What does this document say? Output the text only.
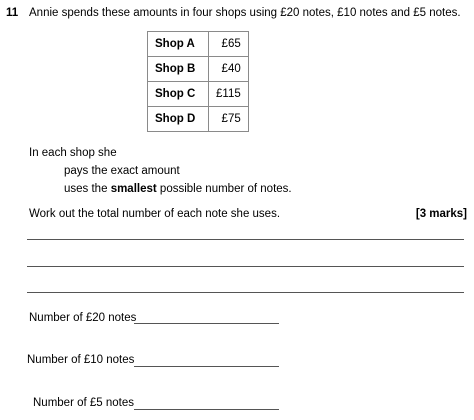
11 Annie spends these amounts in four shops using £20 notes, £10 notes and £5 notes.
Shop A	£65
Shop B	£40
Shop C	£115
Shop D	£75
In each shop she
pays the exact amount
uses the smallest possible number of notes.
Work out the total number of each note she uses.	[3 marks]
Number of £20 notes
Number of £10 notes
Number of £5 notes
